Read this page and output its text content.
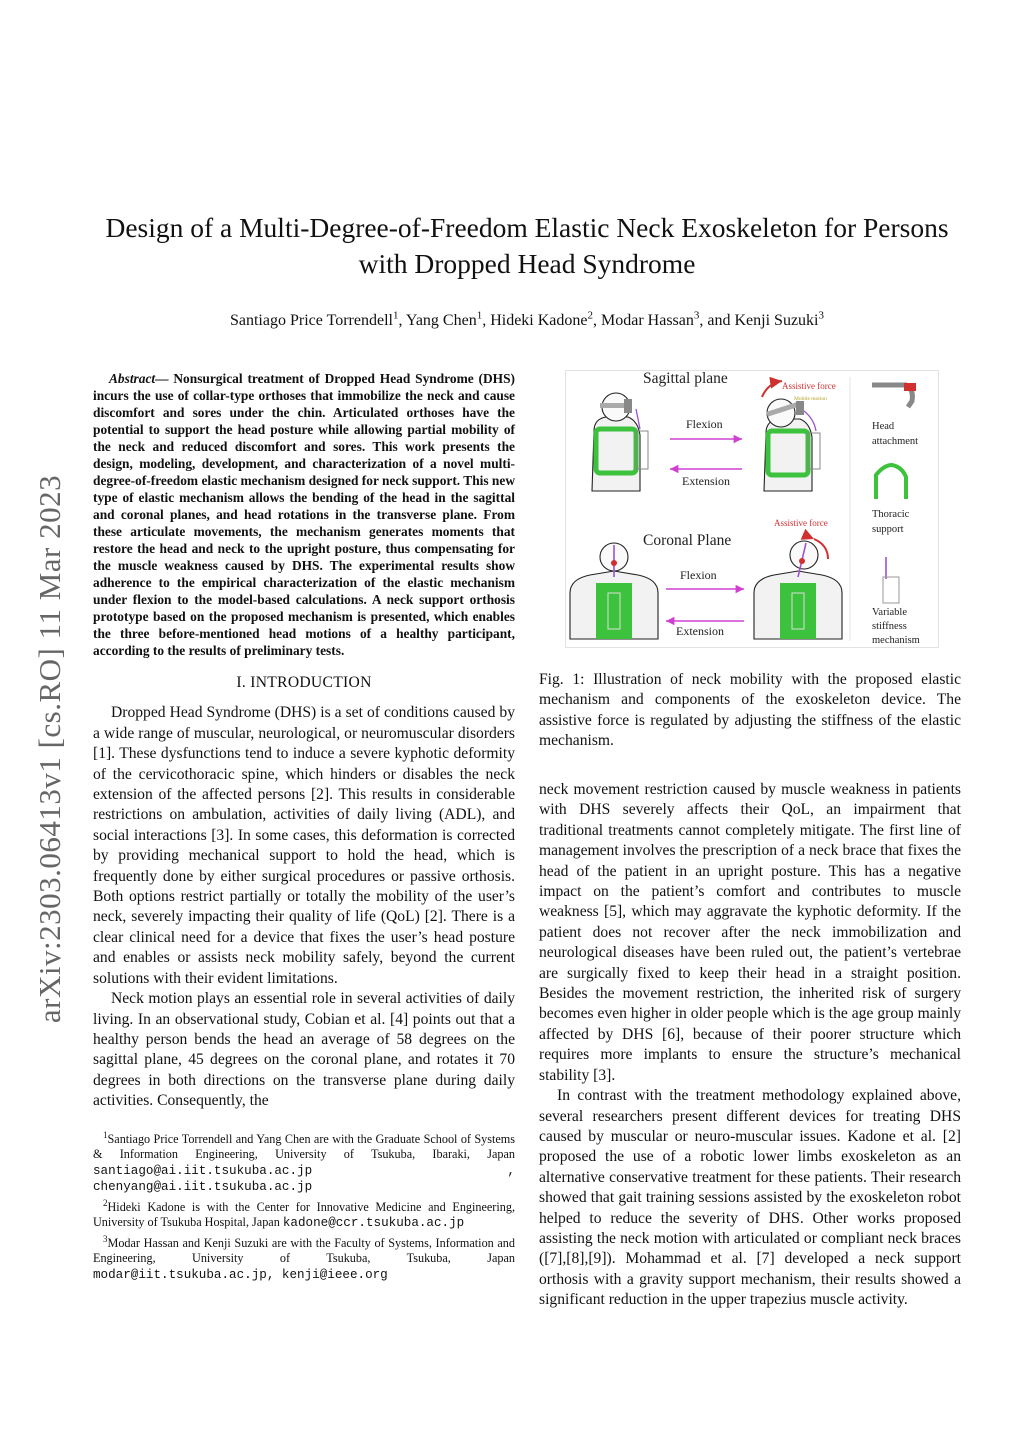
arXiv:2303.06413v1 [cs.RO] 11 Mar 2023
Design of a Multi-Degree-of-Freedom Elastic Neck Exoskeleton for Persons
with Dropped Head Syndrome
Santiago Price Torrendell$^1$, Yang Chen$^1$, Hideki Kadone$^2$, Modar Hassan$^3$, and Kenji Suzuki$^3$

Abstract— Nonsurgical treatment of Dropped Head Syndrome (DHS) incurs the use of collar-type orthoses that immobilize the neck and cause discomfort and sores under the chin. Articulated orthoses have the potential to support the head posture while allowing partial mobility of the neck and reduced discomfort and sores. This work presents the design, modeling, development, and characterization of a novel multi-degree-of-freedom elastic mechanism designed for neck support. This new type of elastic mechanism allows the bending of the head in the sagittal and coronal planes, and head rotations in the transverse plane. From these articulate movements, the mechanism generates moments that restore the head and neck to the upright posture, thus compensating for the muscle weakness caused by DHS. The experimental results show adherence to the empirical characterization of the elastic mechanism under flexion to the model-based calculations. A neck support orthosis prototype based on the proposed mechanism is presented, which enables the three before-mentioned head motions of a healthy participant, according to the results of preliminary tests.

I. INTRODUCTION

Dropped Head Syndrome (DHS) is a set of conditions caused by a wide range of muscular, neurological, or neuromuscular disorders [1]. These dysfunctions tend to induce a severe kyphotic deformity of the cervicothoracic spine, which hinders or disables the neck extension of the affected persons [2]. This results in considerable restrictions on ambulation, activities of daily living (ADL), and social interactions [3]. In some cases, this deformation is corrected by providing mechanical support to hold the head, which is frequently done by either surgical procedures or passive orthosis. Both options restrict partially or totally the mobility of the user’s neck, severely impacting their quality of life (QoL) [2]. There is a clear clinical need for a device that fixes the user’s head posture and enables or assists neck mobility safely, beyond the current solutions with their evident limitations.

Neck motion plays an essential role in several activities of daily living. In an observational study, Cobian et al. [4] points out that a healthy person bends the head an average of 58 degrees on the sagittal plane, 45 degrees on the coronal plane, and rotates it 70 degrees in both directions on the transverse plane during daily activities. Consequently, the

$^1$Santiago Price Torrendell and Yang Chen are with the Graduate School of Systems & Information Engineering, University of Tsukuba, Ibaraki, Japan santiago@ai.iit.tsukuba.ac.jp , chenyang@ai.iit.tsukuba.ac.jp

$^2$Hideki Kadone is with the Center for Innovative Medicine and Engineering, University of Tsukuba Hospital, Japan kadone@ccr.tsukuba.ac.jp

$^3$Modar Hassan and Kenji Suzuki are with the Faculty of Systems, Information and Engineering, University of Tsukuba, Tsukuba, Japan modar@iit.tsukuba.ac.jp, kenji@ieee.org

Sagittal plane
Coronal Plane
Assistive force
Mobile motion
Flexion
Extension
Assistive force
Flexion
Extension
Head
attachment
Thoracic
support
Variable
stiffness
mechanism
Fig. 1: Illustration of neck mobility with the proposed elastic mechanism and components of the exoskeleton device. The assistive force is regulated by adjusting the stiffness of the elastic mechanism.

neck movement restriction caused by muscle weakness in patients with DHS severely affects their QoL, an impairment that traditional treatments cannot completely mitigate. The first line of management involves the prescription of a neck brace that fixes the head of the patient in an upright posture. This has a negative impact on the patient’s comfort and contributes to muscle weakness [5], which may aggravate the kyphotic deformity. If the patient does not recover after the neck immobilization and neurological diseases have been ruled out, the patient’s vertebrae are surgically fixed to keep their head in a straight position. Besides the movement restriction, the inherited risk of surgery becomes even higher in older people which is the age group mainly affected by DHS [6], because of their poorer structure which requires more implants to ensure the structure’s mechanical stability [3].

In contrast with the treatment methodology explained above, several researchers present different devices for treating DHS caused by muscular or neuro-muscular issues. Kadone et al. [2] proposed the use of a robotic lower limbs exoskeleton as an alternative conservative treatment for these patients. Their research showed that gait training sessions assisted by the exoskeleton robot helped to reduce the severity of DHS. Other works proposed assisting the neck motion with articulated or compliant neck braces ([7],[8],[9]). Mohammad et al. [7] developed a neck support orthosis with a gravity support mechanism, their results showed a significant reduction in the upper trapezius muscle activity.
